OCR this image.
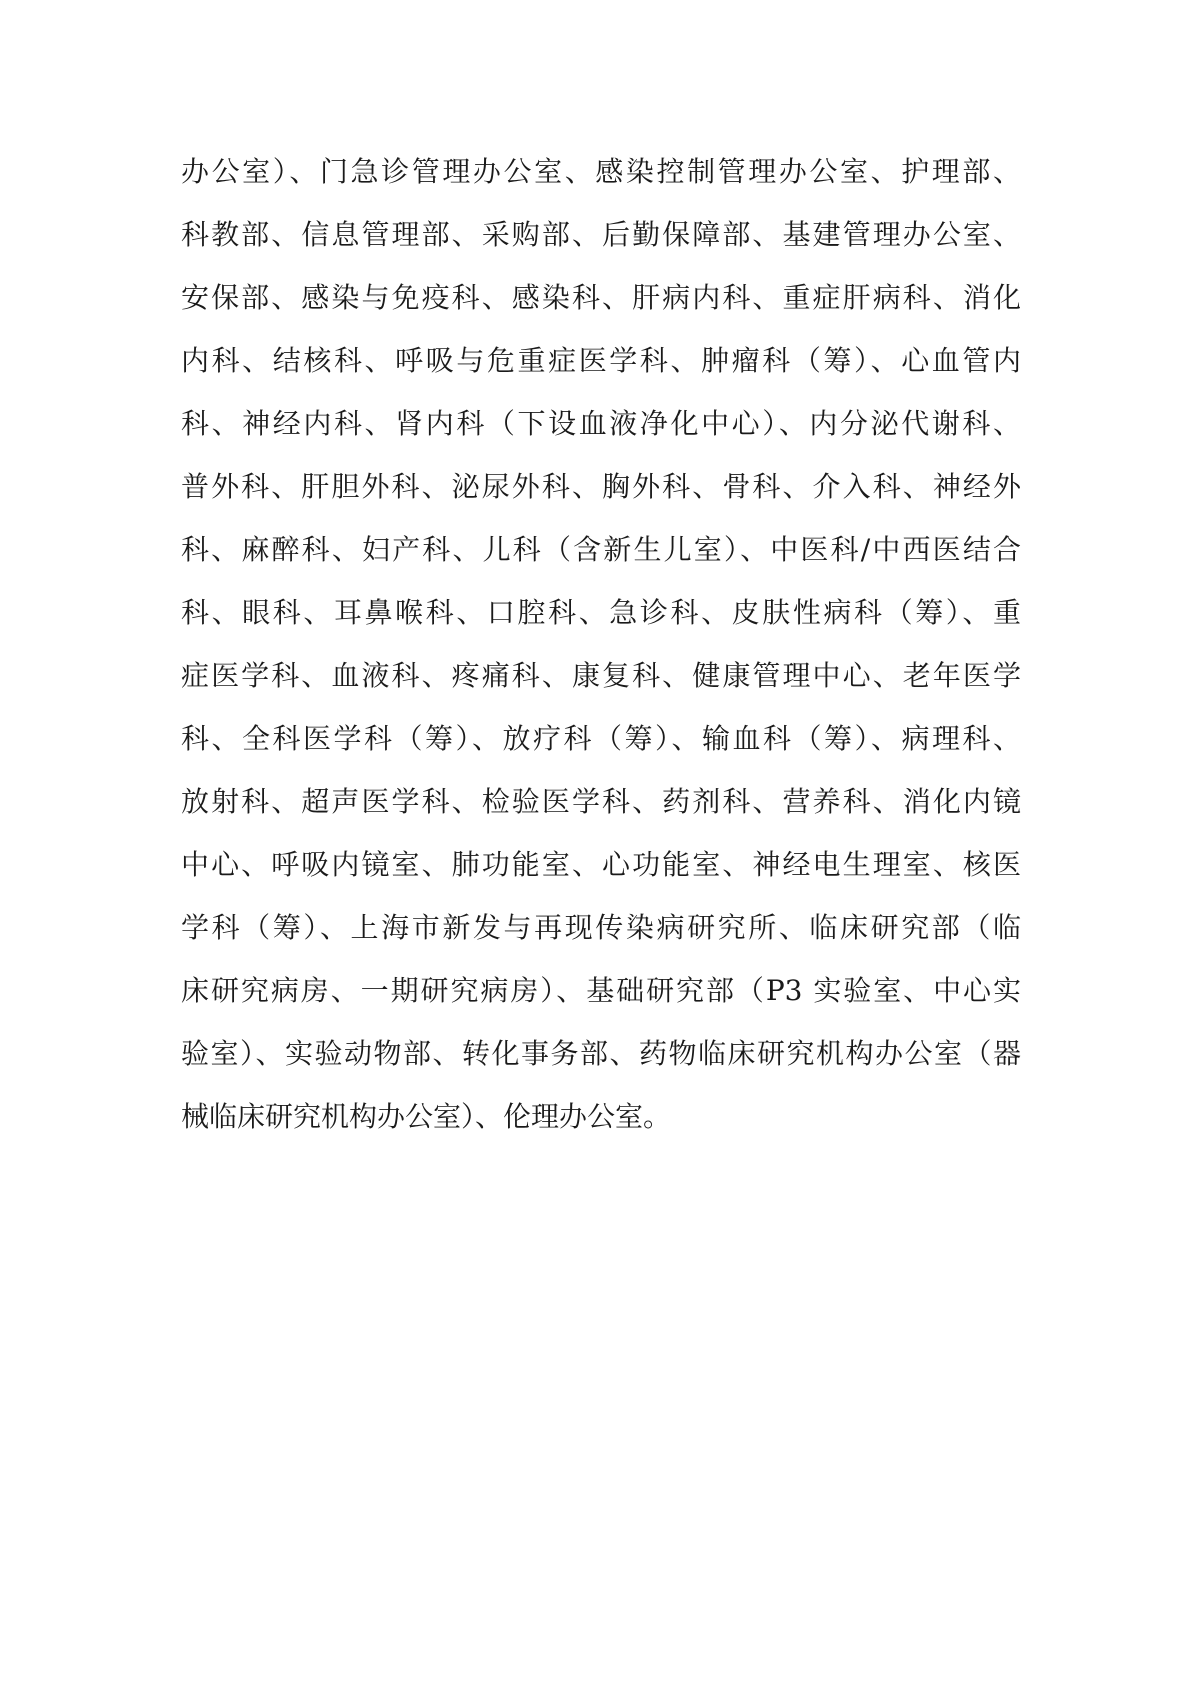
办公室）、门急诊管理办公室、感染控制管理办公室、护理部、
科教部、信息管理部、采购部、后勤保障部、基建管理办公室、
安保部、感染与免疫科、感染科、肝病内科、重症肝病科、消化
内科、结核科、呼吸与危重症医学科、肿瘤科（筹）、心血管内
科、神经内科、肾内科（下设血液净化中心）、内分泌代谢科、
普外科、肝胆外科、泌尿外科、胸外科、骨科、介入科、神经外
科、麻醉科、妇产科、儿科（含新生儿室）、中医科/中西医结合
科、眼科、耳鼻喉科、口腔科、急诊科、皮肤性病科（筹）、重
症医学科、血液科、疼痛科、康复科、健康管理中心、老年医学
科、全科医学科（筹）、放疗科（筹）、输血科（筹）、病理科、
放射科、超声医学科、检验医学科、药剂科、营养科、消化内镜
中心、呼吸内镜室、肺功能室、心功能室、神经电生理室、核医
学科（筹）、上海市新发与再现传染病研究所、临床研究部（临
床研究病房、一期研究病房）、基础研究部（P3 实验室、中心实
验室）、实验动物部、转化事务部、药物临床研究机构办公室（器
械临床研究机构办公室）、伦理办公室。
